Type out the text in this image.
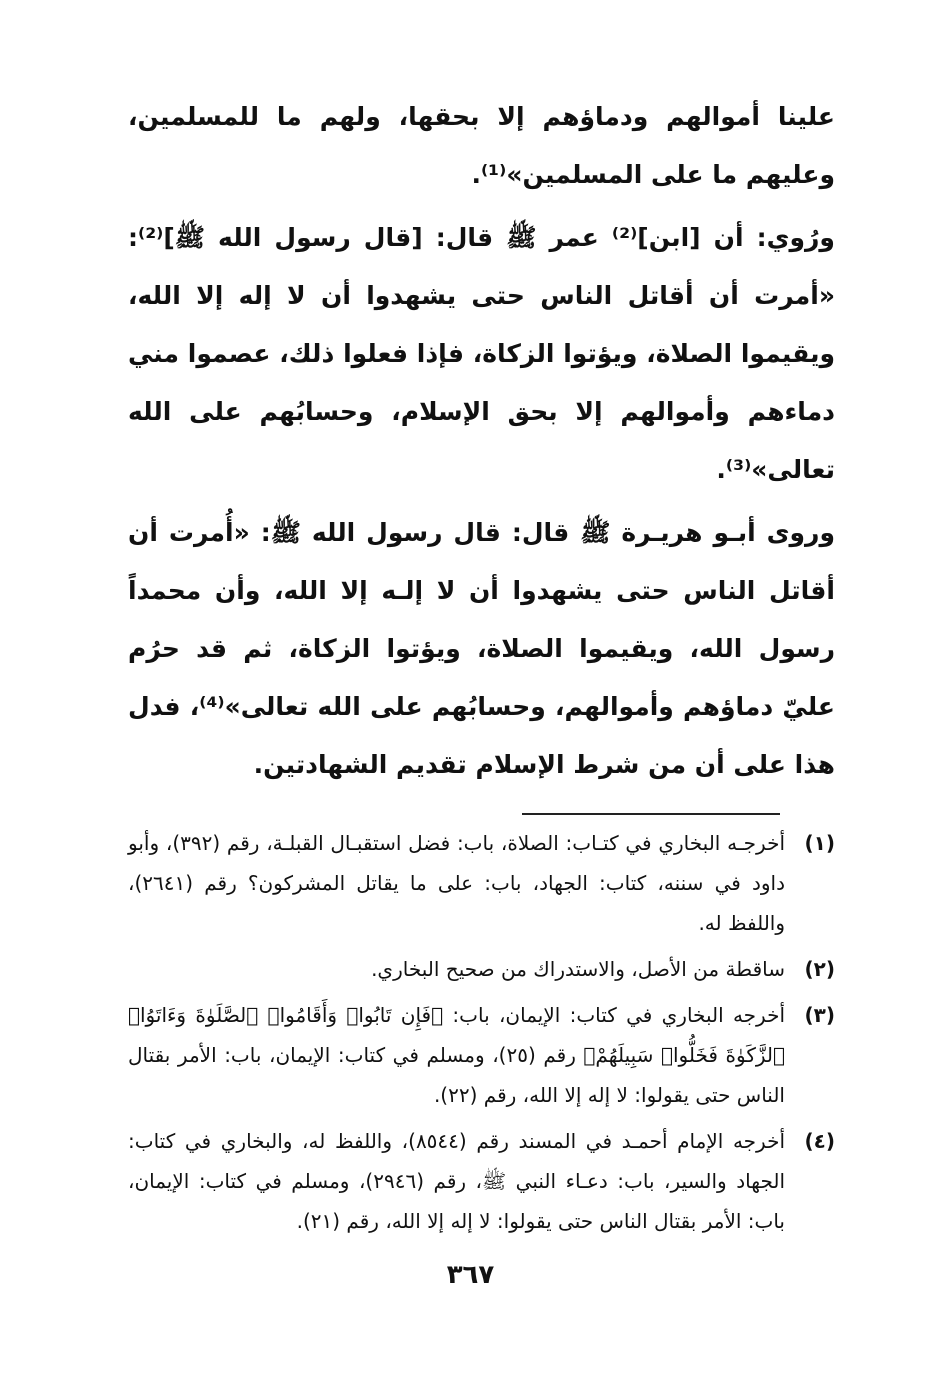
علينا أموالهم ودماؤهم إلا بحقها، ولهم ما للمسلمين، وعليهم ما على المسلمين»⁽¹⁾.

ورُوي: أن [ابن]⁽²⁾ عمر ﷺ قال: [قال رسول الله ﷺ]⁽²⁾: «أمرت أن أقاتل الناس حتى يشهدوا أن لا إله إلا الله، ويقيموا الصلاة، ويؤتوا الزكاة، فإذا فعلوا ذلك، عصموا مني دماءهم وأموالهم إلا بحق الإسلام، وحسابُهم على الله تعالى»⁽³⁾.

وروى أبـو هريـرة ﷺ قال: قال رسول الله ﷺ: «أُمرت أن أقاتل الناس حتى يشهدوا أن لا إلـه إلا الله، وأن محمداً رسول الله، ويقيموا الصلاة، ويؤتوا الزكاة، ثم قد حرُم عليّ دماؤهم وأموالهم، وحسابُهم على الله تعالى»⁽⁴⁾، فدل هذا على أن من شرط الإسلام تقديم الشهادتين.

(١)
أخرجـه البخاري في كتـاب: الصلاة، باب: فضل استقبـال القبلـة، رقم (٣٩٢)، وأبو داود في سننه، كتاب: الجهاد، باب: على ما يقاتل المشركون؟ رقم (٢٦٤١)، واللفظ له.
(٢)
ساقطة من الأصل، والاستدراك من صحيح البخاري.
(٣)
أخرجه البخاري في كتاب: الإيمان، باب: ﴿فَإِن تَابُوا۟ وَأَقَامُوا۟ ٱلصَّلَوٰةَ وَءَاتَوُا۟ ٱلزَّكَوٰةَ فَخَلُّوا۟ سَبِيلَهُمْ﴾ رقم (٢٥)، ومسلم في كتاب: الإيمان، باب: الأمر بقتال الناس حتى يقولوا: لا إله إلا الله، رقم (٢٢).
(٤)
أخرجه الإمام أحمـد في المسند رقم (٨٥٤٤)، واللفظ له، والبخاري في كتاب: الجهاد والسير، باب: دعـاء النبي ﷺ، رقم (٢٩٤٦)، ومسلم في كتاب: الإيمان، باب: الأمر بقتال الناس حتى يقولوا: لا إله إلا الله، رقم (٢١).
٣٦٧
